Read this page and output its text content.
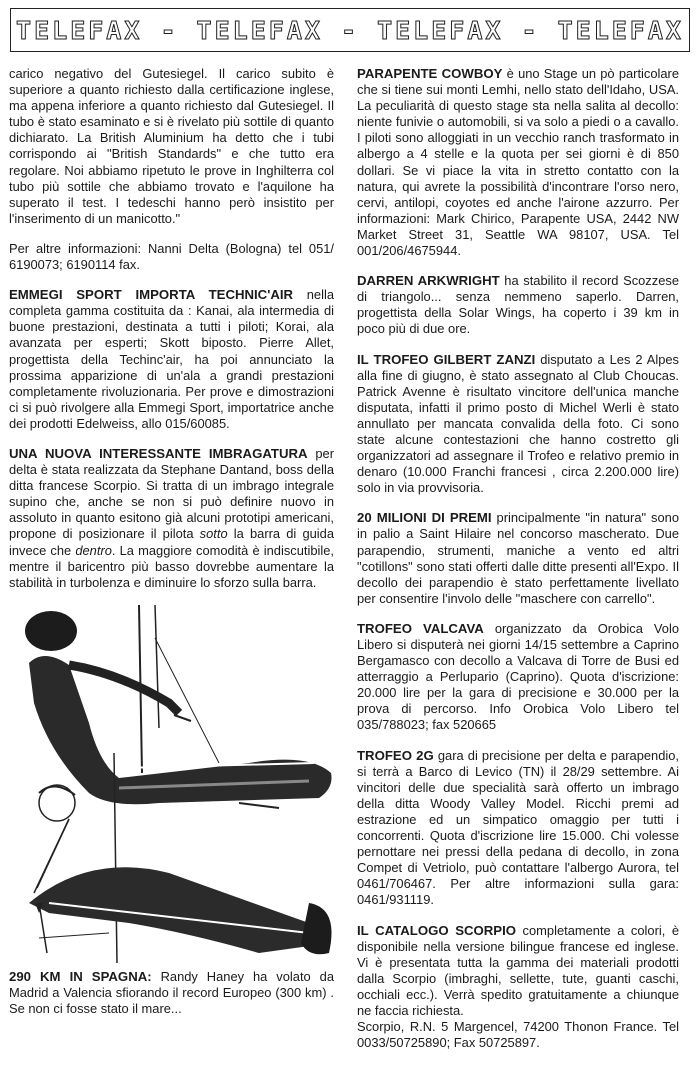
TELEFAX - TELEFAX - TELEFAX - TELEFAX

carico negativo del Gutesiegel. Il carico subito è superiore a quanto richiesto dalla certificazione inglese, ma appena inferiore a quanto richiesto dal Gutesiegel. Il tubo è stato esaminato e si è rivelato più sottile di quanto dichiarato. La British Aluminium ha detto che i tubi corrispondo ai "British Standards" e che tutto era regolare. Noi abbiamo ripetuto le prove in Inghilterra col tubo più sottile che abbiamo trovato e l'aquilone ha superato il test. I tedeschi hanno però insistito per l'inserimento di un manicotto."

Per altre informazioni: Nanni Delta (Bologna) tel 051/ 6190073; 6190114 fax.

EMMEGI SPORT IMPORTA TECHNIC'AIR nella completa gamma costituita da : Kanai, ala intermedia di buone prestazioni, destinata a tutti i piloti; Korai, ala avanzata per esperti; Skott biposto. Pierre Allet, progettista della Techinc'air, ha poi annunciato la prossima apparizione di un'ala a grandi prestazioni completamente rivoluzionaria. Per prove e dimostrazioni ci si può rivolgere alla Emmegi Sport, importatrice anche dei prodotti Edelweiss, allo 015/60085.

UNA NUOVA INTERESSANTE IMBRAGATURA per delta è stata realizzata da Stephane Dantand, boss della ditta francese Scorpio. Si tratta di un imbrago integrale supino che, anche se non si può definire nuovo in assoluto in quanto esitono già alcuni prototipi americani, propone di posizionare il pilota sotto la barra di guida invece che dentro. La maggiore comodità è indiscutibile, mentre il baricentro più basso dovrebbe aumentare la stabilità in turbolenza e diminuire lo sforzo sulla barra.

290 KM IN SPAGNA: Randy Haney ha volato da Madrid a Valencia sfiorando il record Europeo (300 km) . Se non ci fosse stato il mare...

PARAPENTE COWBOY è uno Stage un pò particolare che si tiene sui monti Lemhi, nello stato dell'Idaho, USA. La peculiarità di questo stage sta nella salita al decollo: niente funivie o automobili, si va solo a piedi o a cavallo. I piloti sono alloggiati in un vecchio ranch trasformato in albergo a 4 stelle e la quota per sei giorni è di 850 dollari. Se vi piace la vita in stretto contatto con la natura, qui avrete la possibilità d'incontrare l'orso nero, cervi, antilopi, coyotes ed anche l'airone azzurro. Per informazioni: Mark Chirico, Parapente USA, 2442 NW Market Street 31, Seattle WA 98107, USA. Tel 001/206/4675944.

DARREN ARKWRIGHT ha stabilito il record Scozzese di triangolo... senza nemmeno saperlo. Darren, progettista della Solar Wings, ha coperto i 39 km in poco più di due ore.

IL TROFEO GILBERT ZANZI disputato a Les 2 Alpes alla fine di giugno, è stato assegnato al Club Choucas. Patrick Avenne è risultato vincitore dell'unica manche disputata, infatti il primo posto di Michel Werli è stato annullato per mancata convalida della foto. Ci sono state alcune contestazioni che hanno costretto gli organizzatori ad assegnare il Trofeo e relativo premio in denaro (10.000 Franchi francesi , circa 2.200.000 lire) solo in via provvisoria.

20 MILIONI DI PREMI principalmente "in natura" sono in palio a Saint Hilaire nel concorso mascherato. Due parapendio, strumenti, maniche a vento ed altri "cotillons" sono stati offerti dalle ditte presenti all'Expo. Il decollo dei parapendio è stato perfettamente livellato per consentire l'involo delle "maschere con carrello".

TROFEO VALCAVA organizzato da Orobica Volo Libero si disputerà nei giorni 14/15 settembre a Caprino Bergamasco con decollo a Valcava di Torre de Busi ed atterraggio a Perlupario (Caprino). Quota d'iscrizione: 20.000 lire per la gara di precisione e 30.000 per la prova di percorso. Info Orobica Volo Libero tel 035/788023; fax 520665

TROFEO 2G gara di precisione per delta e parapendio, si terrà a Barco di Levico (TN) il 28/29 settembre. Ai vincitori delle due specialità sarà offerto un imbrago della ditta Woody Valley Model. Ricchi premi ad estrazione ed un simpatico omaggio per tutti i concorrenti. Quota d'iscrizione lire 15.000. Chi volesse pernottare nei pressi della pedana di decollo, in zona Compet di Vetriolo, può contattare l'albergo Aurora, tel 0461/706467. Per altre informazioni sulla gara: 0461/931119.

IL CATALOGO SCORPIO completamente a colori, è disponibile nella versione bilingue francese ed inglese. Vi è presentata tutta la gamma dei materiali prodotti dalla Scorpio (imbraghi, sellette, tute, guanti caschi, occhiali ecc.). Verrà spedito gratuitamente a chiunque ne faccia richiesta.

Scorpio, R.N. 5 Margencel, 74200 Thonon France. Tel 0033/50725890; Fax 50725897.
